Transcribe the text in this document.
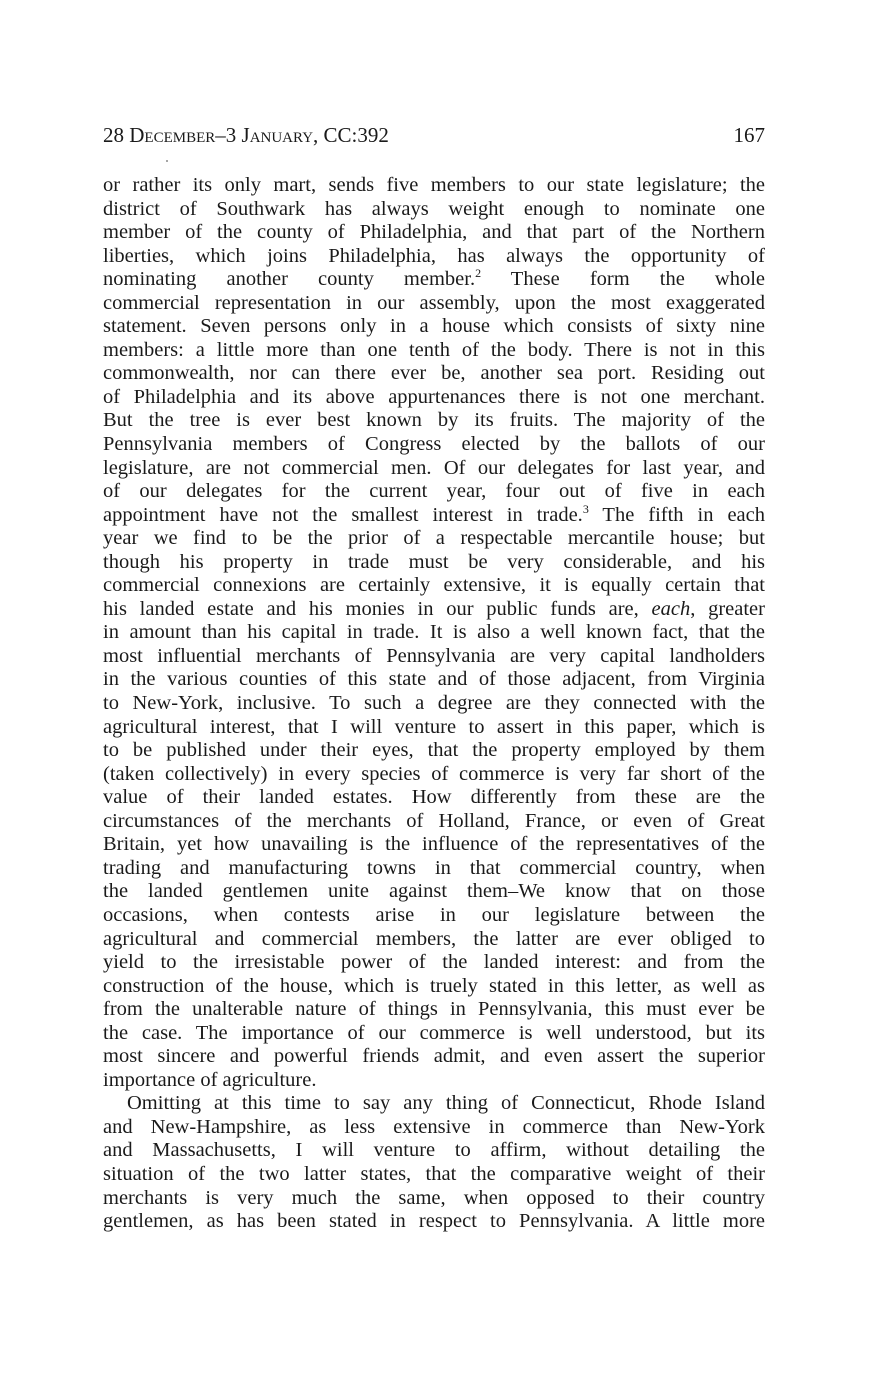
28 December–3 January, CC:392	167
or rather its only mart, sends five members to our state legislature; the
district of Southwark has always weight enough to nominate one
member of the county of Philadelphia, and that part of the Northern
liberties, which joins Philadelphia, has always the opportunity of
nominating another county member.$^2$ These form the whole
commercial representation in our assembly, upon the most exaggerated
statement. Seven persons only in a house which consists of sixty nine
members: a little more than one tenth of the body. There is not in this
commonwealth, nor can there ever be, another sea port. Residing out
of Philadelphia and its above appurtenances there is not one merchant.
But the tree is ever best known by its fruits. The majority of the
Pennsylvania members of Congress elected by the ballots of our
legislature, are not commercial men. Of our delegates for last year, and
of our delegates for the current year, four out of five in each
appointment have not the smallest interest in trade.$^3$ The fifth in each
year we find to be the prior of a respectable mercantile house; but
though his property in trade must be very considerable, and his
commercial connexions are certainly extensive, it is equally certain that
his landed estate and his monies in our public funds are, each, greater
in amount than his capital in trade. It is also a well known fact, that the
most influential merchants of Pennsylvania are very capital landholders
in the various counties of this state and of those adjacent, from Virginia
to New-York, inclusive. To such a degree are they connected with the
agricultural interest, that I will venture to assert in this paper, which is
to be published under their eyes, that the property employed by them
(taken collectively) in every species of commerce is very far short of the
value of their landed estates. How differently from these are the
circumstances of the merchants of Holland, France, or even of Great
Britain, yet how unavailing is the influence of the representatives of the
trading and manufacturing towns in that commercial country, when
the landed gentlemen unite against them–We know that on those
occasions, when contests arise in our legislature between the
agricultural and commercial members, the latter are ever obliged to
yield to the irresistable power of the landed interest: and from the
construction of the house, which is truely stated in this letter, as well as
from the unalterable nature of things in Pennsylvania, this must ever be
the case. The importance of our commerce is well understood, but its
most sincere and powerful friends admit, and even assert the superior
importance of agriculture.
Omitting at this time to say any thing of Connecticut, Rhode Island
and New-Hampshire, as less extensive in commerce than New-York
and Massachusetts, I will venture to affirm, without detailing the
situation of the two latter states, that the comparative weight of their
merchants is very much the same, when opposed to their country
gentlemen, as has been stated in respect to Pennsylvania. A little more
